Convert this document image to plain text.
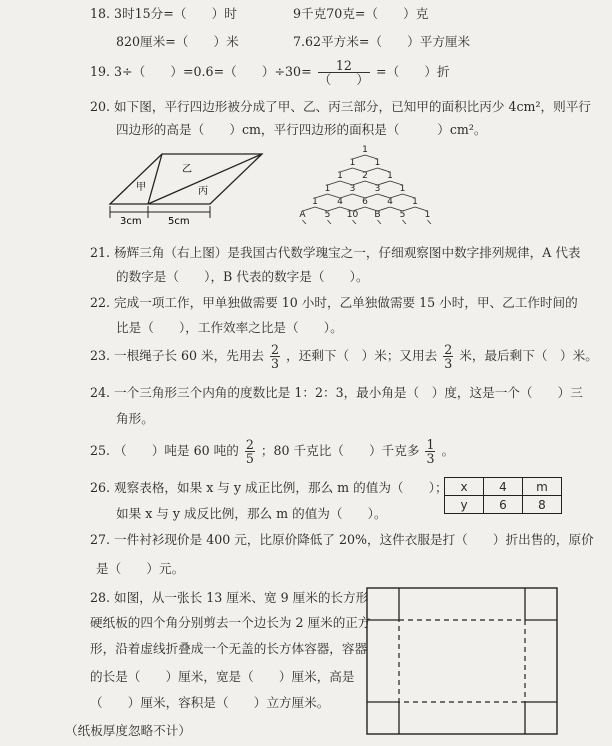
18. 3时15分=（　　）时	9千克70克=（　　）克
820厘米=（　　）米	7.62平方米=（　　）平方厘米
19. 3÷（　　）=0.6=（　　）$\div 30= \frac{12}{( )}$ =（　　）折
20. 如下图，平行四边形被分成了甲、乙、丙三部分，已知甲的面积比丙少 4cm²，则平行
四边形的高是（　　）cm，平行四边形的面积是（　　　）cm²。
甲
乙
丙
3cm	5cm
1
1 1
1 2 1
1 3 3 1
1 4 6 4 1
A 5 10 B 5 1
21. 杨辉三角（右上图）是我国古代数学瑰宝之一，仔细观察图中数字排列规律，A 代表
的数字是（　　），B 代表的数字是（　　）。
22. 完成一项工作，甲单独做需要 10 小时，乙单独做需要 15 小时，甲、乙工作时间的
比是（　　），工作效率之比是（　　）。
23. 一根绳子长 60 米，先用去 $\frac{2}{3}$ ，还剩下（　）米；又用去 $\frac{2}{3}$ 米，最后剩下（　）米。
24. 一个三角形三个内角的度数比是 1：2：3，最小角是（　）度，这是一个（　　）三
角形。
25. （　　）吨是 60 吨的 $\frac{2}{5}$ ；80 千克比（　　）千克多 $\frac{1}{3}$ 。
26. 观察表格，如果 x 与 y 成正比例，那么 m 的值为（　　）；
如果 x 与 y 成反比例，那么 m 的值为（　　）。
x	4	m
y	6	8
27. 一件衬衫现价是 400 元，比原价降低了 20%，这件衣服是打（　　）折出售的，原价
是（　　）元。
28. 如图，从一张长 13 厘米、宽 9 厘米的长方形
硬纸板的四个角分别剪去一个边长为 2 厘米的正方
形，沿着虚线折叠成一个无盖的长方体容器，容器
的长是（　　）厘米，宽是（　　）厘米，高是
（　　）厘米，容积是（　　）立方厘米。
（纸板厚度忽略不计）
